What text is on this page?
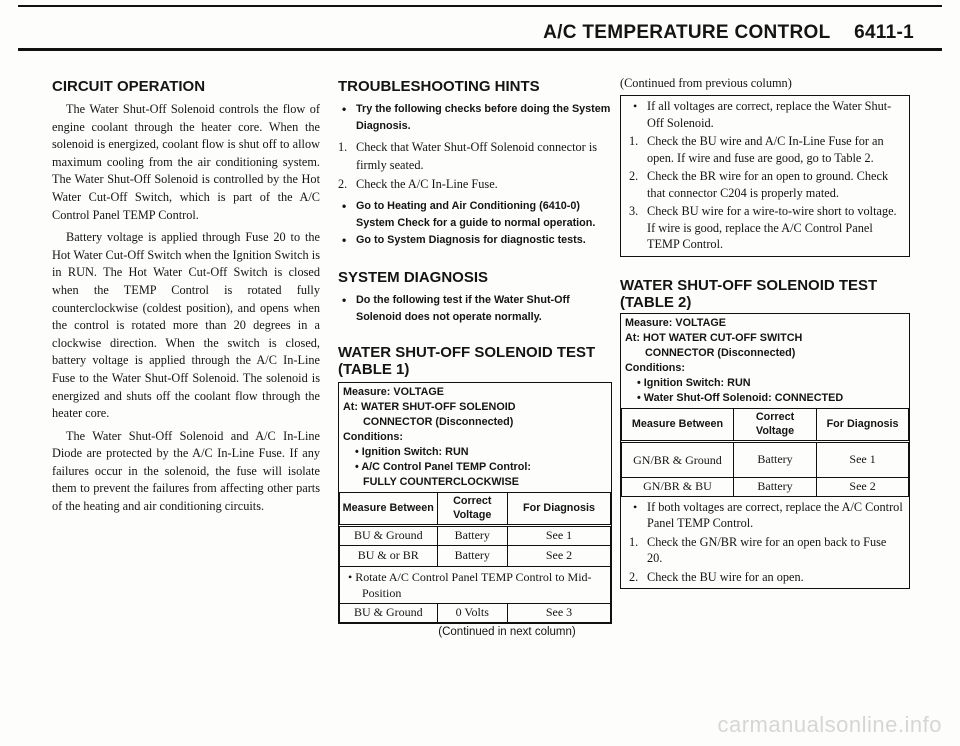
A/C TEMPERATURE CONTROL 6411-1
CIRCUIT OPERATION

The Water Shut-Off Solenoid controls the flow of engine coolant through the heater core. When the solenoid is energized, coolant flow is shut off to allow maximum cooling from the air conditioning system. The Water Shut-Off Solenoid is controlled by the Hot Water Cut-Off Switch, which is part of the A/C Control Panel TEMP Control.

Battery voltage is applied through Fuse 20 to the Hot Water Cut-Off Switch when the Ignition Switch is in RUN. The Hot Water Cut-Off Switch is closed when the TEMP Control is rotated fully counterclockwise (coldest position), and opens when the control is rotated more than 20 degrees in a clockwise direction. When the switch is closed, battery voltage is applied through the A/C In-Line Fuse to the Water Shut-Off Solenoid. The solenoid is energized and shuts off the coolant flow through the heater core.

The Water Shut-Off Solenoid and A/C In-Line Diode are protected by the A/C In-Line Fuse. If any failures occur in the solenoid, the fuse will isolate them to prevent the failures from affecting other parts of the heating and air conditioning circuits.

TROUBLESHOOTING HINTS
• Try the following checks before doing the System Diagnosis.
1. Check that Water Shut-Off Solenoid connector is firmly seated.
2. Check the A/C In-Line Fuse.
• Go to Heating and Air Conditioning (6410-0) System Check for a guide to normal operation.
• Go to System Diagnosis for diagnostic tests.
SYSTEM DIAGNOSIS
• Do the following test if the Water Shut-Off Solenoid does not operate normally.
WATER SHUT-OFF SOLENOID TEST
(TABLE 1)
Measure: VOLTAGE
At: WATER SHUT-OFF SOLENOID
CONNECTOR (Disconnected)
Conditions:
• Ignition Switch: RUN
• A/C Control Panel TEMP Control:
FULLY COUNTERCLOCKWISE
Measure Between	Correct Voltage	For Diagnosis
BU & Ground	Battery	See 1
BU & or BR	Battery	See 2
• Rotate A/C Control Panel TEMP Control to Mid-Position		
BU & Ground	0 Volts	See 3
(Continued in next column)
(Continued from previous column)
• If all voltages are correct, replace the Water Shut-Off Solenoid.
1. Check the BU wire and A/C In-Line Fuse for an open. If wire and fuse are good, go to Table 2.
2. Check the BR wire for an open to ground. Check that connector C204 is properly mated.
3. Check BU wire for a wire-to-wire short to voltage. If wire is good, replace the A/C Control Panel TEMP Control.
WATER SHUT-OFF SOLENOID TEST
(TABLE 2)
Measure: VOLTAGE
At: HOT WATER CUT-OFF SWITCH
CONNECTOR (Disconnected)
Conditions:
• Ignition Switch: RUN
• Water Shut-Off Solenoid: CONNECTED
Measure Between	Correct Voltage	For Diagnosis
GN/BR & Ground	Battery	See 1
GN/BR & BU	Battery	See 2
• If both voltages are correct, replace the A/C Control Panel TEMP Control.
1. Check the GN/BR wire for an open back to Fuse 20.
2. Check the BU wire for an open.
carmanualsonline.info
